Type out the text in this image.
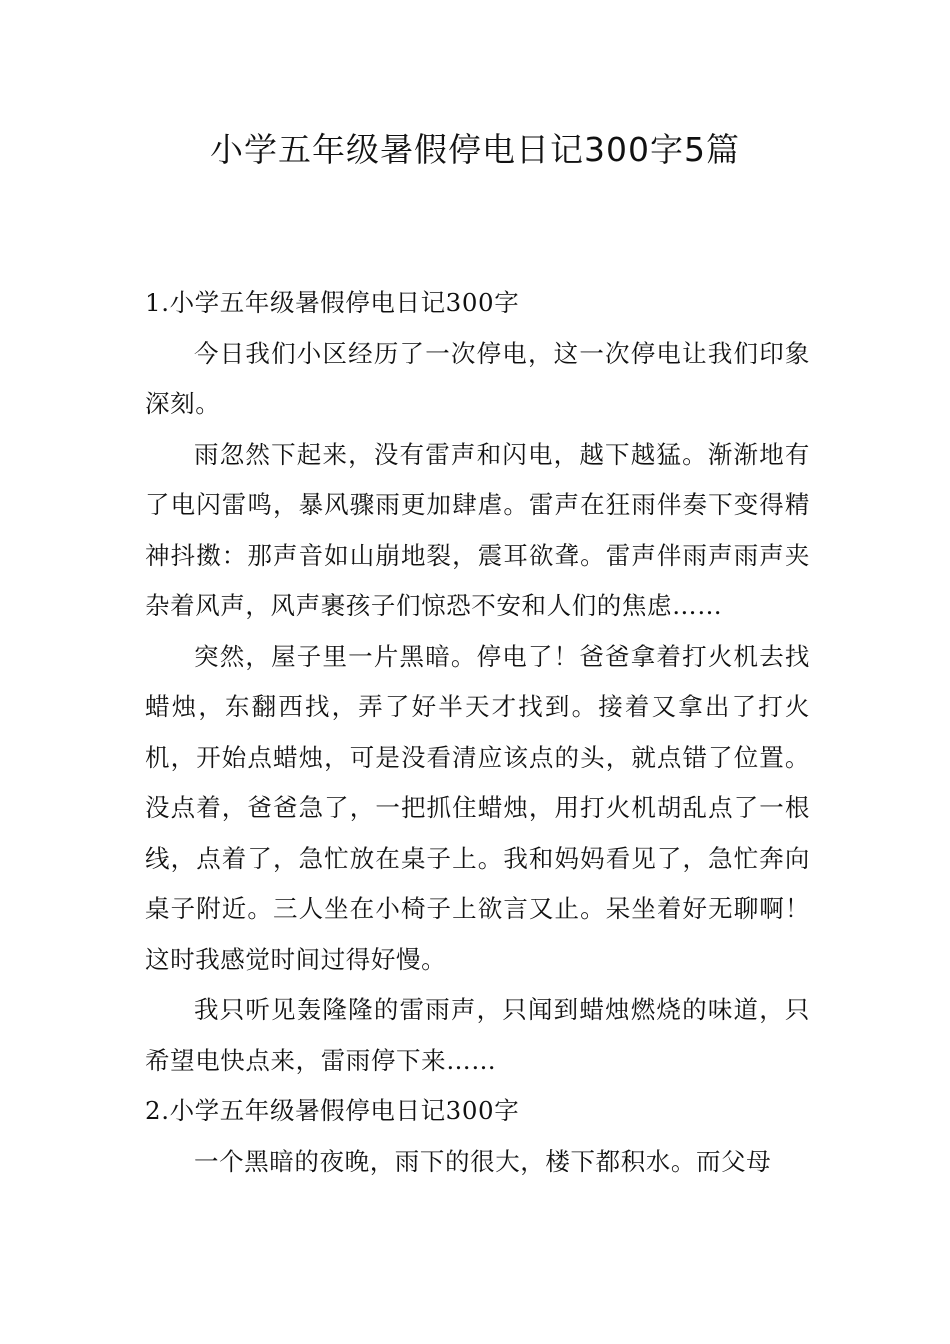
小学五年级暑假停电日记300字5篇
1.小学五年级暑假停电日记300字

今日我们小区经历了一次停电，这一次停电让我们印象深刻。

雨忽然下起来，没有雷声和闪电，越下越猛。渐渐地有了电闪雷鸣，暴风骤雨更加肆虐。雷声在狂雨伴奏下变得精神抖擞：那声音如山崩地裂，震耳欲聋。雷声伴雨声雨声夹杂着风声，风声裹孩子们惊恐不安和人们的焦虑……

突然，屋子里一片黑暗。停电了！爸爸拿着打火机去找蜡烛，东翻西找，弄了好半天才找到。接着又拿出了打火机，开始点蜡烛，可是没看清应该点的头，就点错了位置。没点着，爸爸急了，一把抓住蜡烛，用打火机胡乱点了一根线，点着了，急忙放在桌子上。我和妈妈看见了，急忙奔向桌子附近。三人坐在小椅子上欲言又止。呆坐着好无聊啊！这时我感觉时间过得好慢。

我只听见轰隆隆的雷雨声，只闻到蜡烛燃烧的味道，只希望电快点来，雷雨停下来……

2.小学五年级暑假停电日记300字

一个黑暗的夜晚，雨下的很大，楼下都积水。而父母
